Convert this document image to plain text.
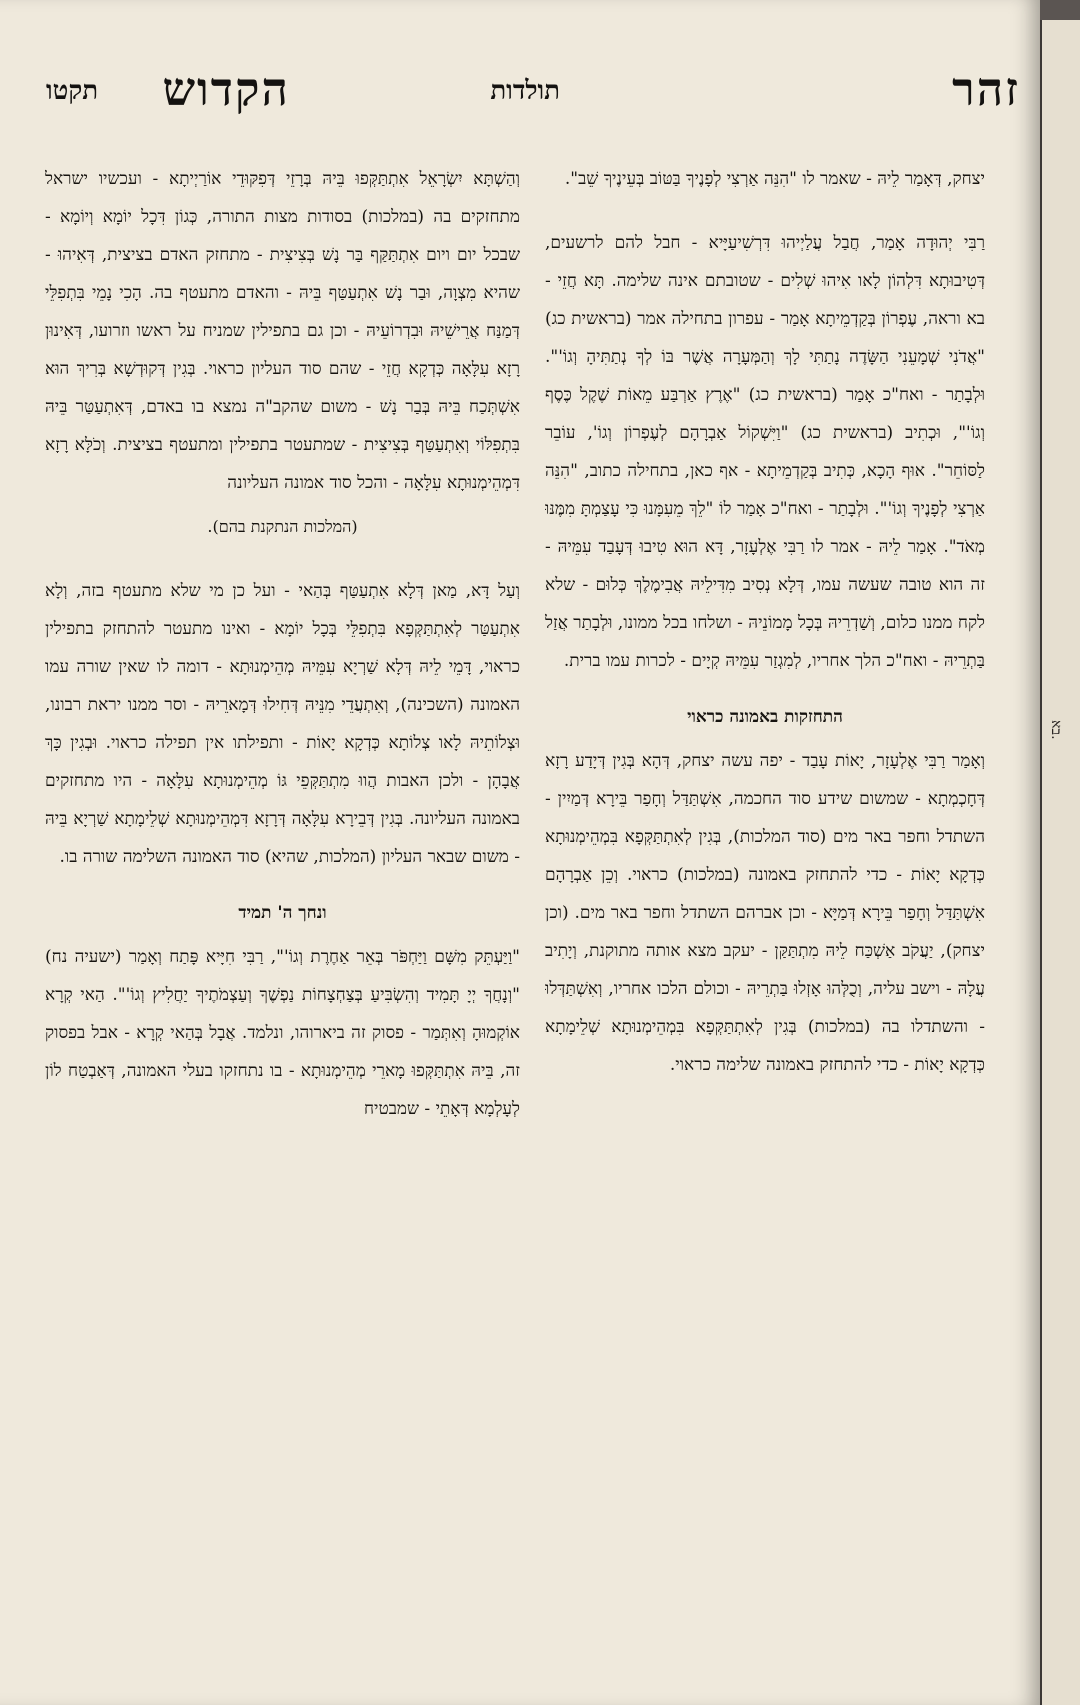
זהר
תולדות
הקדוש
תקטו

יצחק, דְּאָמַר לֵיהּ - שאמר לו "הִנֵּה אַרְצִי לְפָנֶיךָ בַּטּוֹב בְּעֵינֶיךָ שֵׁב".

רַבִּי יְהוּדָה אָמַר, חֲבַל עֲלַיְיהוּ דִּרְשִׁיעַיָּיא - חבל להם לרשעים, דְּטִיבוּתָא דִּלְהוֹן לָאו אִיהוּ שְׁלִים - שטובתם אינה שלימה. תָּא חֲזֵי - בא וראה, עֶפְרוֹן בְּקַדְמֵיתָא אָמַר - עפרון בתחילה אמר (בראשית כג) "אֲדֹנִי שְׁמָעֵנִי הַשָּׂדֶה נָתַתִּי לָךְ וְהַמְּעָרָה אֲשֶׁר בּוֹ לְךָ נְתַתִּיהָ וְגוֹ'". וּלְבָתַר - ואח"כ אָמַר (בראשית כג) "אֶרֶץ אַרְבַּע מֵאוֹת שֶׁקֶל כֶּסֶף וְגוֹ'", וּכְתִיב (בראשית כג) "וַיִּשְׁקוֹל אַבְרָהָם לְעֶפְרוֹן וְגוֹ', עוֹבֵר לַסּוֹחֵר". אוּף הָכָא, כְּתִיב בְּקַדְמֵיתָא - אף כאן, בתחילה כתוב, "הִנֵּה אַרְצִי לְפָנֶיךָ וְגוֹ'". וּלְבָתַר - ואח"כ אָמַר לוֹ "לֵךְ מֵעִמָּנוּ כִּי עָצַמְתָּ מִמֶּנּוּ מְאֹד". אָמַר לֵיהּ - אמר לו רַבִּי אֶלְעָזָר, דָּא הוּא טִיבוּ דְּעָבַד עִמֵּיהּ - זה הוא טובה שעשה עמו, דְּלָא נְסִיב מִדִּילֵיהּ אֲבִימֶלֶךְ כְּלוּם - שלא לקח ממנו כלום, וְשַׁדְרֵיהּ בְּכָל מָמוֹנֵיהּ - ושלחו בכל ממונו, וּלְבָתַר אֲזַל בַּתְרֵיהּ - ואח"כ הלך אחריו, לְמִגְזַר עִמֵּיהּ קְיָים - לכרות עמו ברית.

התחזקות באמונה כראוי

וְאָמַר רַבִּי אֶלְעָזָר, יָאוֹת עָבַד - יפה עשה יצחק, דְּהָא בְּגִין דְּיָדַע רָזָא דְּחָכְמְתָא - שמשום שידע סוד החכמה, אִשְׁתַּדַּל וְחָפַר בֵּירָא דְּמַיִין - השתדל וחפר באר מים (סוד המלכות), בְּגִין לְאִתְתַּקְּפָא בִּמְהֵימְנוּתָא כְּדְקָא יָאוֹת - כדי להתחזק באמונה (במלכות) כראוי. וְכֵן אַבְרָהָם אִשְׁתַּדַּל וְחָפַר בֵּירָא דְּמַיָּא - וכן אברהם השתדל וחפר באר מים. (וכן יצחק), יַעֲקֹב אַשְׁכַּח לֵיהּ מִתְתַּקַּן - יעקב מצא אותה מתוקנת, וְיָתִיב עֲלָהּ - וישב עליה, וְכֻלְּהוּ אָזְלוּ בַּתְרֵיהּ - וכולם הלכו אחריו, וְאִשְׁתַּדְּלוּ - והשתדלו בה (במלכות) בְּגִין לְאִתְתַּקְּפָא בִּמְהֵימְנוּתָא שְׁלֵימָתָא כְּדְקָא יָאוֹת - כדי להתחזק באמונה שלימה כראוי.

וְהַשְׁתָּא יִשְׂרָאֵל אִתְתַּקְּפוּ בֵּיהּ בְּרָזֵי דְּפִקּוּדֵי אוֹרַיְיתָא - ועכשיו ישראל מתחזקים בה (במלכות) בסודות מצות התורה, כְּגוֹן דִּכָל יוֹמָא וְיוֹמָא - שבכל יום ויום אִתְתַּקַּף בַּר נָשׁ בְּצִיצִית - מתחזק האדם בציצית, דְּאִיהוּ - שהיא מִצְוָה, וּבַר נָשׁ אִתְעַטַּף בֵּיהּ - והאדם מתעטף בה. הָכִי נָמֵי בִּתְפִלֵּי דְּמַנַּח אֲרֵישֵׁיהּ וּבִדְרוֹעֵיהּ - וכן גם בתפילין שמניח על ראשו וזרועו, דְּאִינוּן רָזָא עִלָּאָה כְּדְקָא חֲזֵי - שהם סוד העליון כראוי. בְּגִין דְּקוּדְשָׁא בְּרִיךְ הוּא אִשְׁתְּכַח בֵּיהּ בְּבַר נָשׁ - משום שהקב"ה נמצא בו באדם, דְּאִתְעַטַּר בֵּיהּ בִּתְפִלּוֹי וְאִתְעַטַּף בְּצִיצִית - שמתעטר בתפילין ומתעטף בציצית. וְכֹלָּא רָזָא דִּמְהֵימְנוּתָא עִלָּאָה - והכל סוד אמונה העליונה

(המלכות הנתקנת בהם).

וְעַל דָּא, מַאן דְּלָא אִתְעַטַּף בְּהַאי - ועל כן מי שלא מתעטף בזה, וְלָא אִתְעַטַּר לְאִתְתַּקְּפָא בִּתְפִלֵּי בְּכָל יוֹמָא - ואינו מתעטר להתחזק בתפילין כראוי, דָּמֵי לֵיהּ דְּלָא שַׁרְיָא עִמֵּיהּ מְהֵימְנוּתָא - דומה לו שאין שורה עמו האמונה (השכינה), וְאִתְעֲדֵי מִנֵּיהּ דְּחִילוּ דְּמָארֵיהּ - וסר ממנו יראת רבונו, וּצְלוֹתֵיהּ לָאו צְלוֹתָא כְּדְקָא יָאוֹת - ותפילתו אין תפילה כראוי. וּבְגִין כָּךְ אֲבָהָן - ולכן האבות הֲווּ מִתְתַּקְּפֵי גּוֹ מְהֵימְנוּתָא עִלָּאָה - היו מתחזקים באמונה העליונה. בְּגִין דְּבֵירָא עִלָּאָה דְּרָזָא דִּמְהֵימְנוּתָא שְׁלֵימָתָא שַׁרְיָא בֵּיהּ - משום שבאר העליון (המלכות, שהיא) סוד האמונה השלימה שורה בו.

ונחך ה' תמיד

"וַיַּעְתֵּק מִשָּׁם וַיַּחְפֹּר בְּאֵר אַחֶרֶת וְגוֹ'", רַבִּי חִיָּיא פָּתַח וְאָמַר (ישעיה נח) "וְנָחֲךָ יְיָ תָּמִיד וְהִשְׂבִּיעַ בְּצַחְצָחוֹת נַפְשֶׁךָ וְעַצְמֹתֶיךָ יַחֲלִיץ וְגוֹ'". הַאי קְרָא אוֹקְמוּהָ וְאִתְּמַר - פסוק זה ביארוהו, ונלמד. אֲבָל בְּהַאי קְרָא - אבל בפסוק זה, בֵּיהּ אִתְתַּקְּפוּ מָארֵי מְהֵימְנוּתָא - בו נתחזקו בעלי האמונה, דְּאַבְטַח לוֹן לְעָלְמָא דְּאָתֵי - שמבטיח

בא.
